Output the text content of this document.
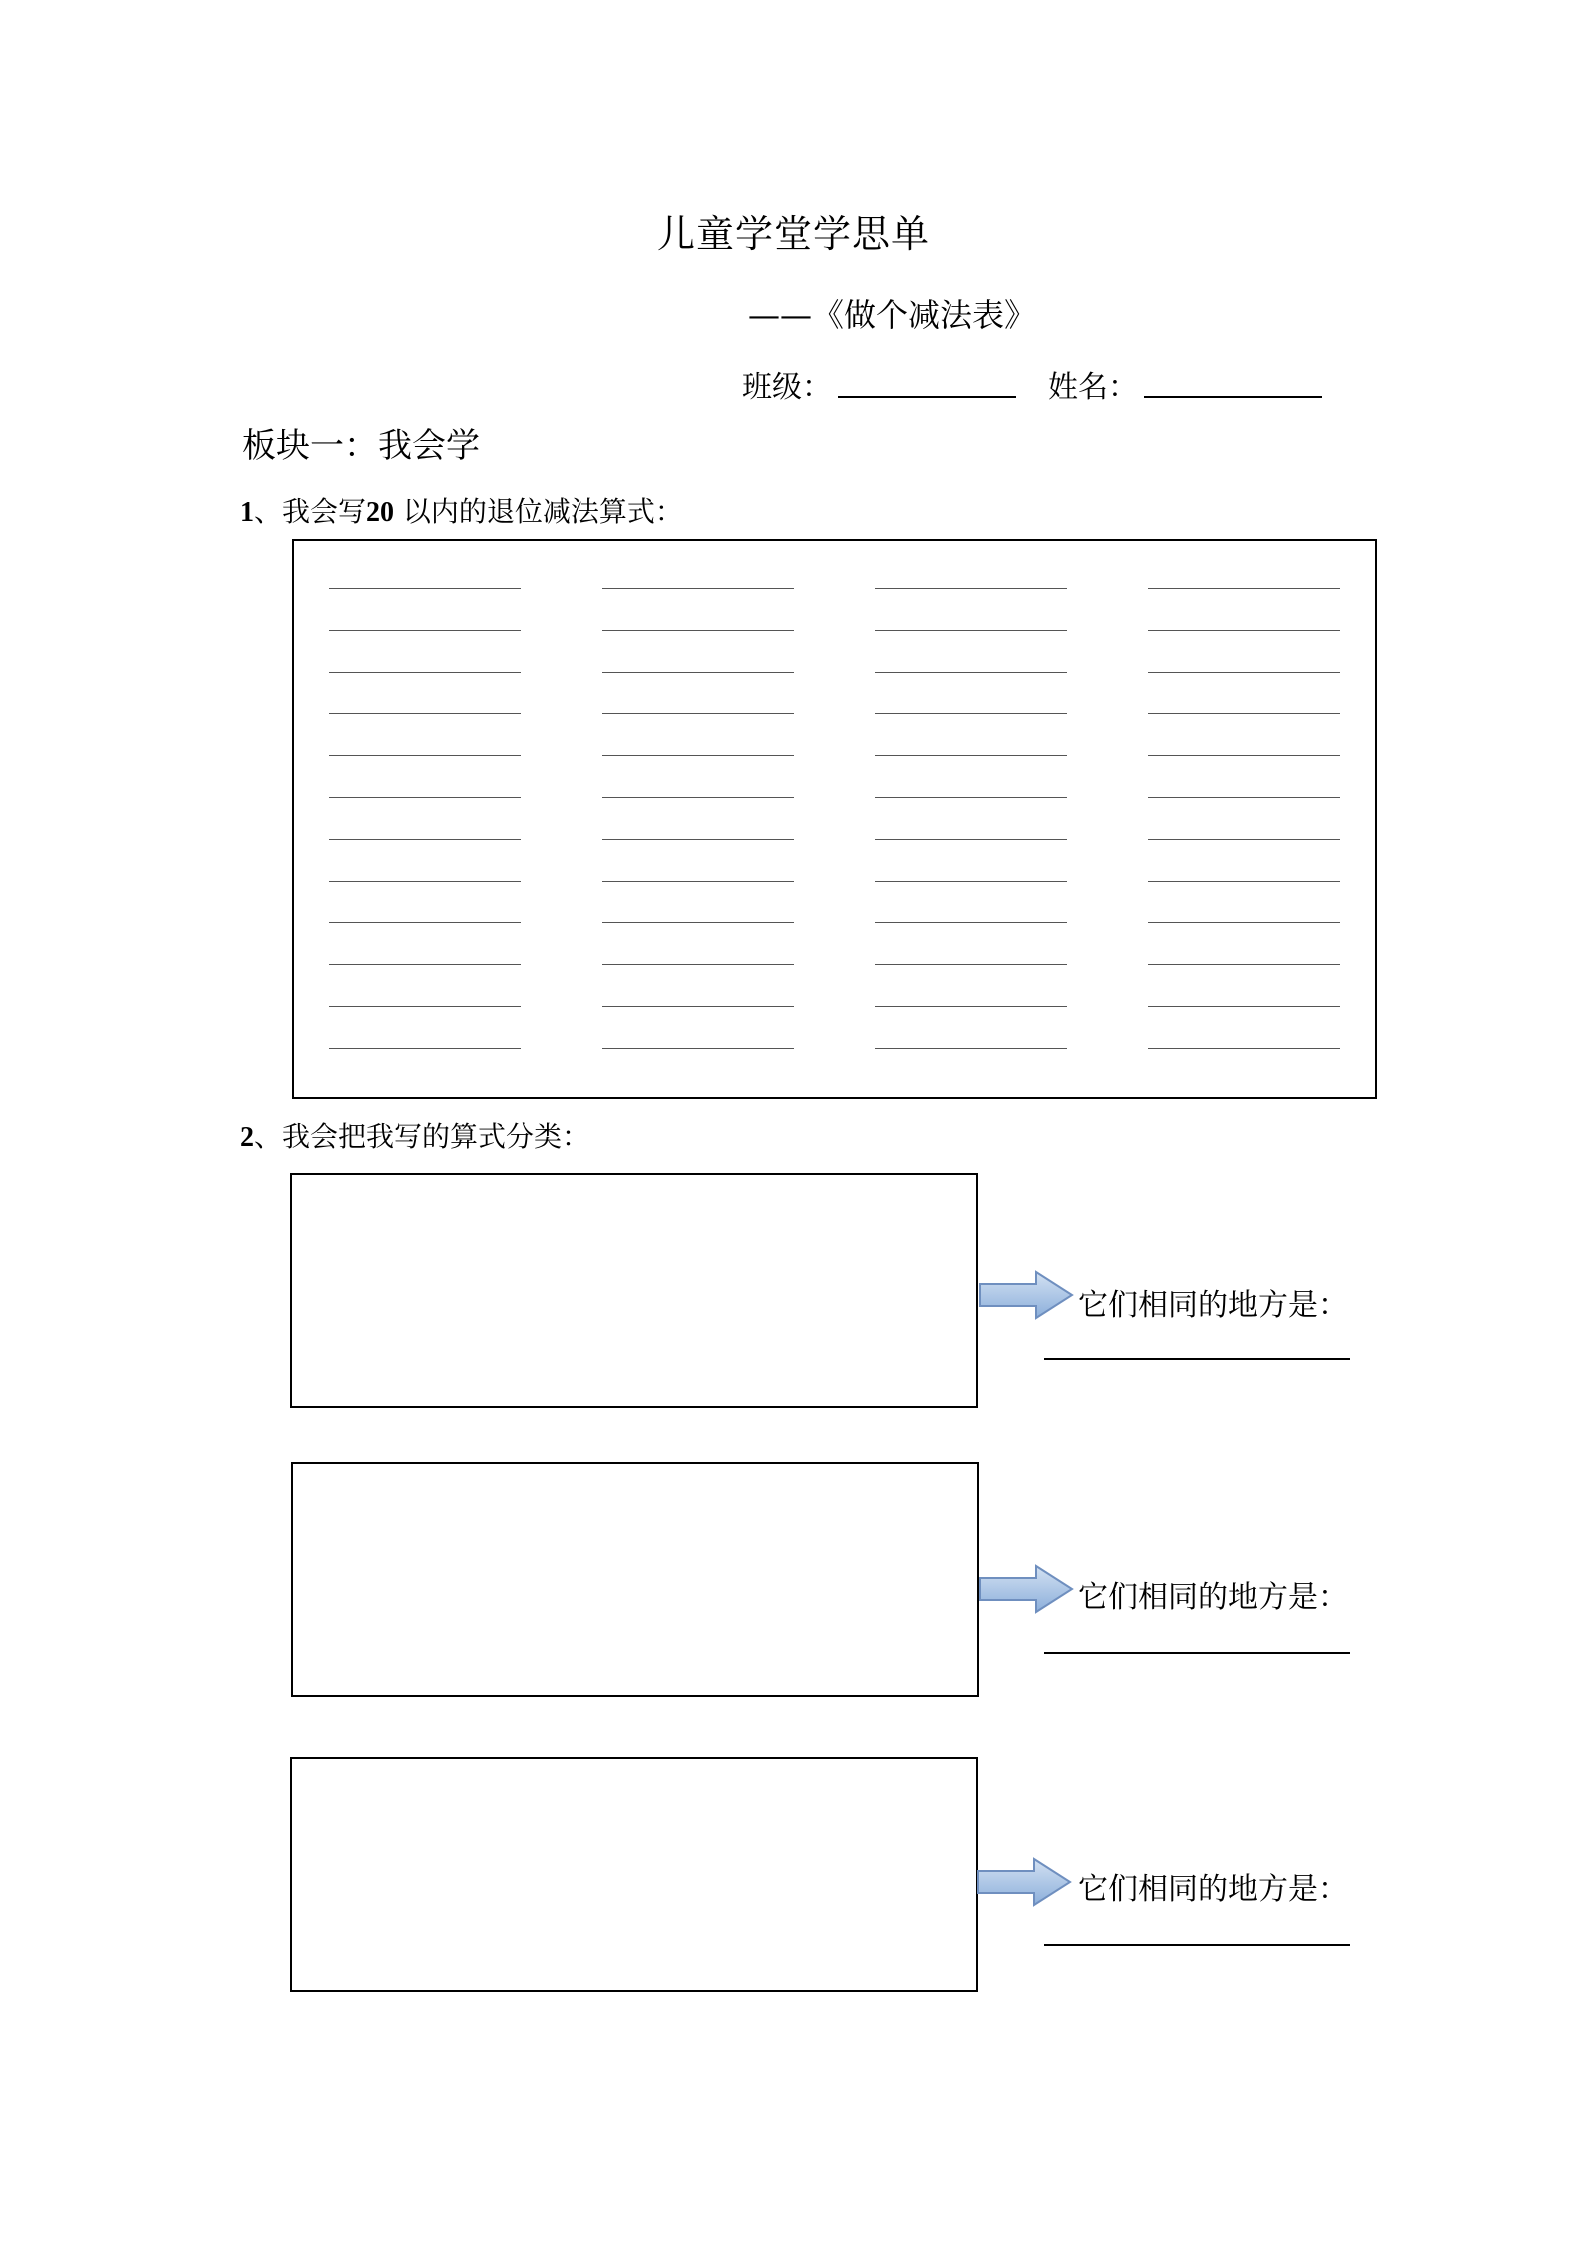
儿童学堂学思单
——《做个减法表》
班级：	姓名：
板块一：我会学
1、我会写20 以内的退位减法算式：
2、我会把我写的算式分类：
它们相同的地方是：
它们相同的地方是：
它们相同的地方是：
